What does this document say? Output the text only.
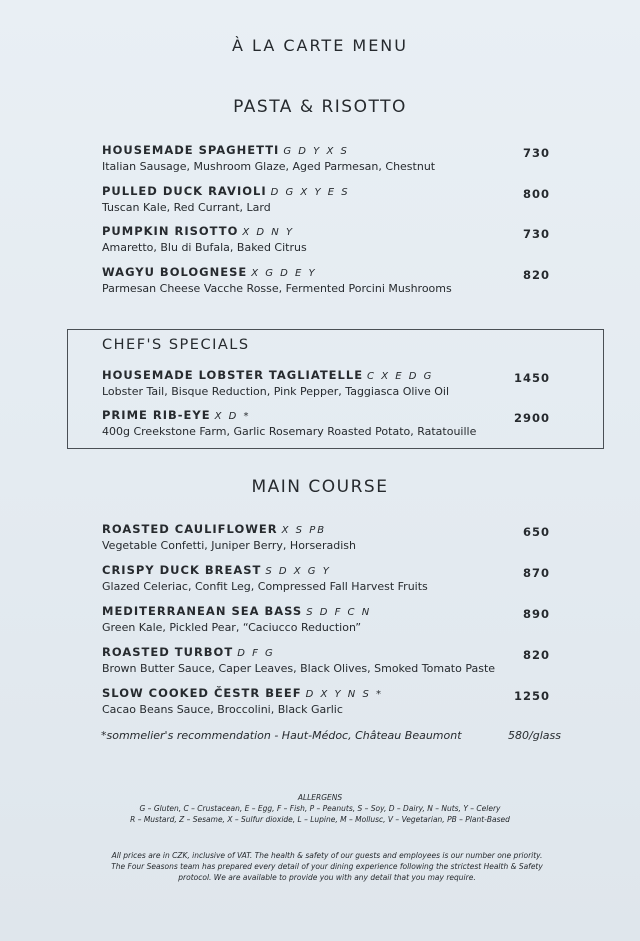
À LA CARTE MENU
PASTA & RISOTTO
HOUSEMADE SPAGHETTI G D Y X S
Italian Sausage, Mushroom Glaze, Aged Parmesan, Chestnut
730
PULLED DUCK RAVIOLI D G X Y E S
Tuscan Kale, Red Currant, Lard
800
PUMPKIN RISOTTO X D N Y
Amaretto, Blu di Bufala, Baked Citrus
730
WAGYU BOLOGNESE X G D E Y
Parmesan Cheese Vacche Rosse, Fermented Porcini Mushrooms
820
CHEF'S SPECIALS
HOUSEMADE LOBSTER TAGLIATELLE C X E D G
Lobster Tail, Bisque Reduction, Pink Pepper, Taggiasca Olive Oil
1450
PRIME RIB-EYE X D *
400g Creekstone Farm, Garlic Rosemary Roasted Potato, Ratatouille
2900
MAIN COURSE
ROASTED CAULIFLOWER X S PB
Vegetable Confetti, Juniper Berry, Horseradish
650
CRISPY DUCK BREAST S D X G Y
Glazed Celeriac, Confit Leg, Compressed Fall Harvest Fruits
870
MEDITERRANEAN SEA BASS S D F C N
Green Kale, Pickled Pear, “Caciucco Reduction”
890
ROASTED TURBOT D F G
Brown Butter Sauce, Caper Leaves, Black Olives, Smoked Tomato Paste
820
SLOW COOKED ČESTR BEEF D X Y N S *
Cacao Beans Sauce, Broccolini, Black Garlic
1250
*sommelier's recommendation - Haut-Médoc, Château Beaumont	580/glass
ALLERGENS
G – Gluten, C – Crustacean, E – Egg, F – Fish, P – Peanuts, S – Soy, D – Dairy, N – Nuts, Y – Celery
R – Mustard, Z – Sesame, X – Sulfur dioxide, L – Lupine, M – Mollusc, V – Vegetarian, PB – Plant-Based
All prices are in CZK, inclusive of VAT. The health & safety of our guests and employees is our number one priority.
The Four Seasons team has prepared every detail of your dining experience following the strictest Health & Safety
protocol. We are available to provide you with any detail that you may require.
